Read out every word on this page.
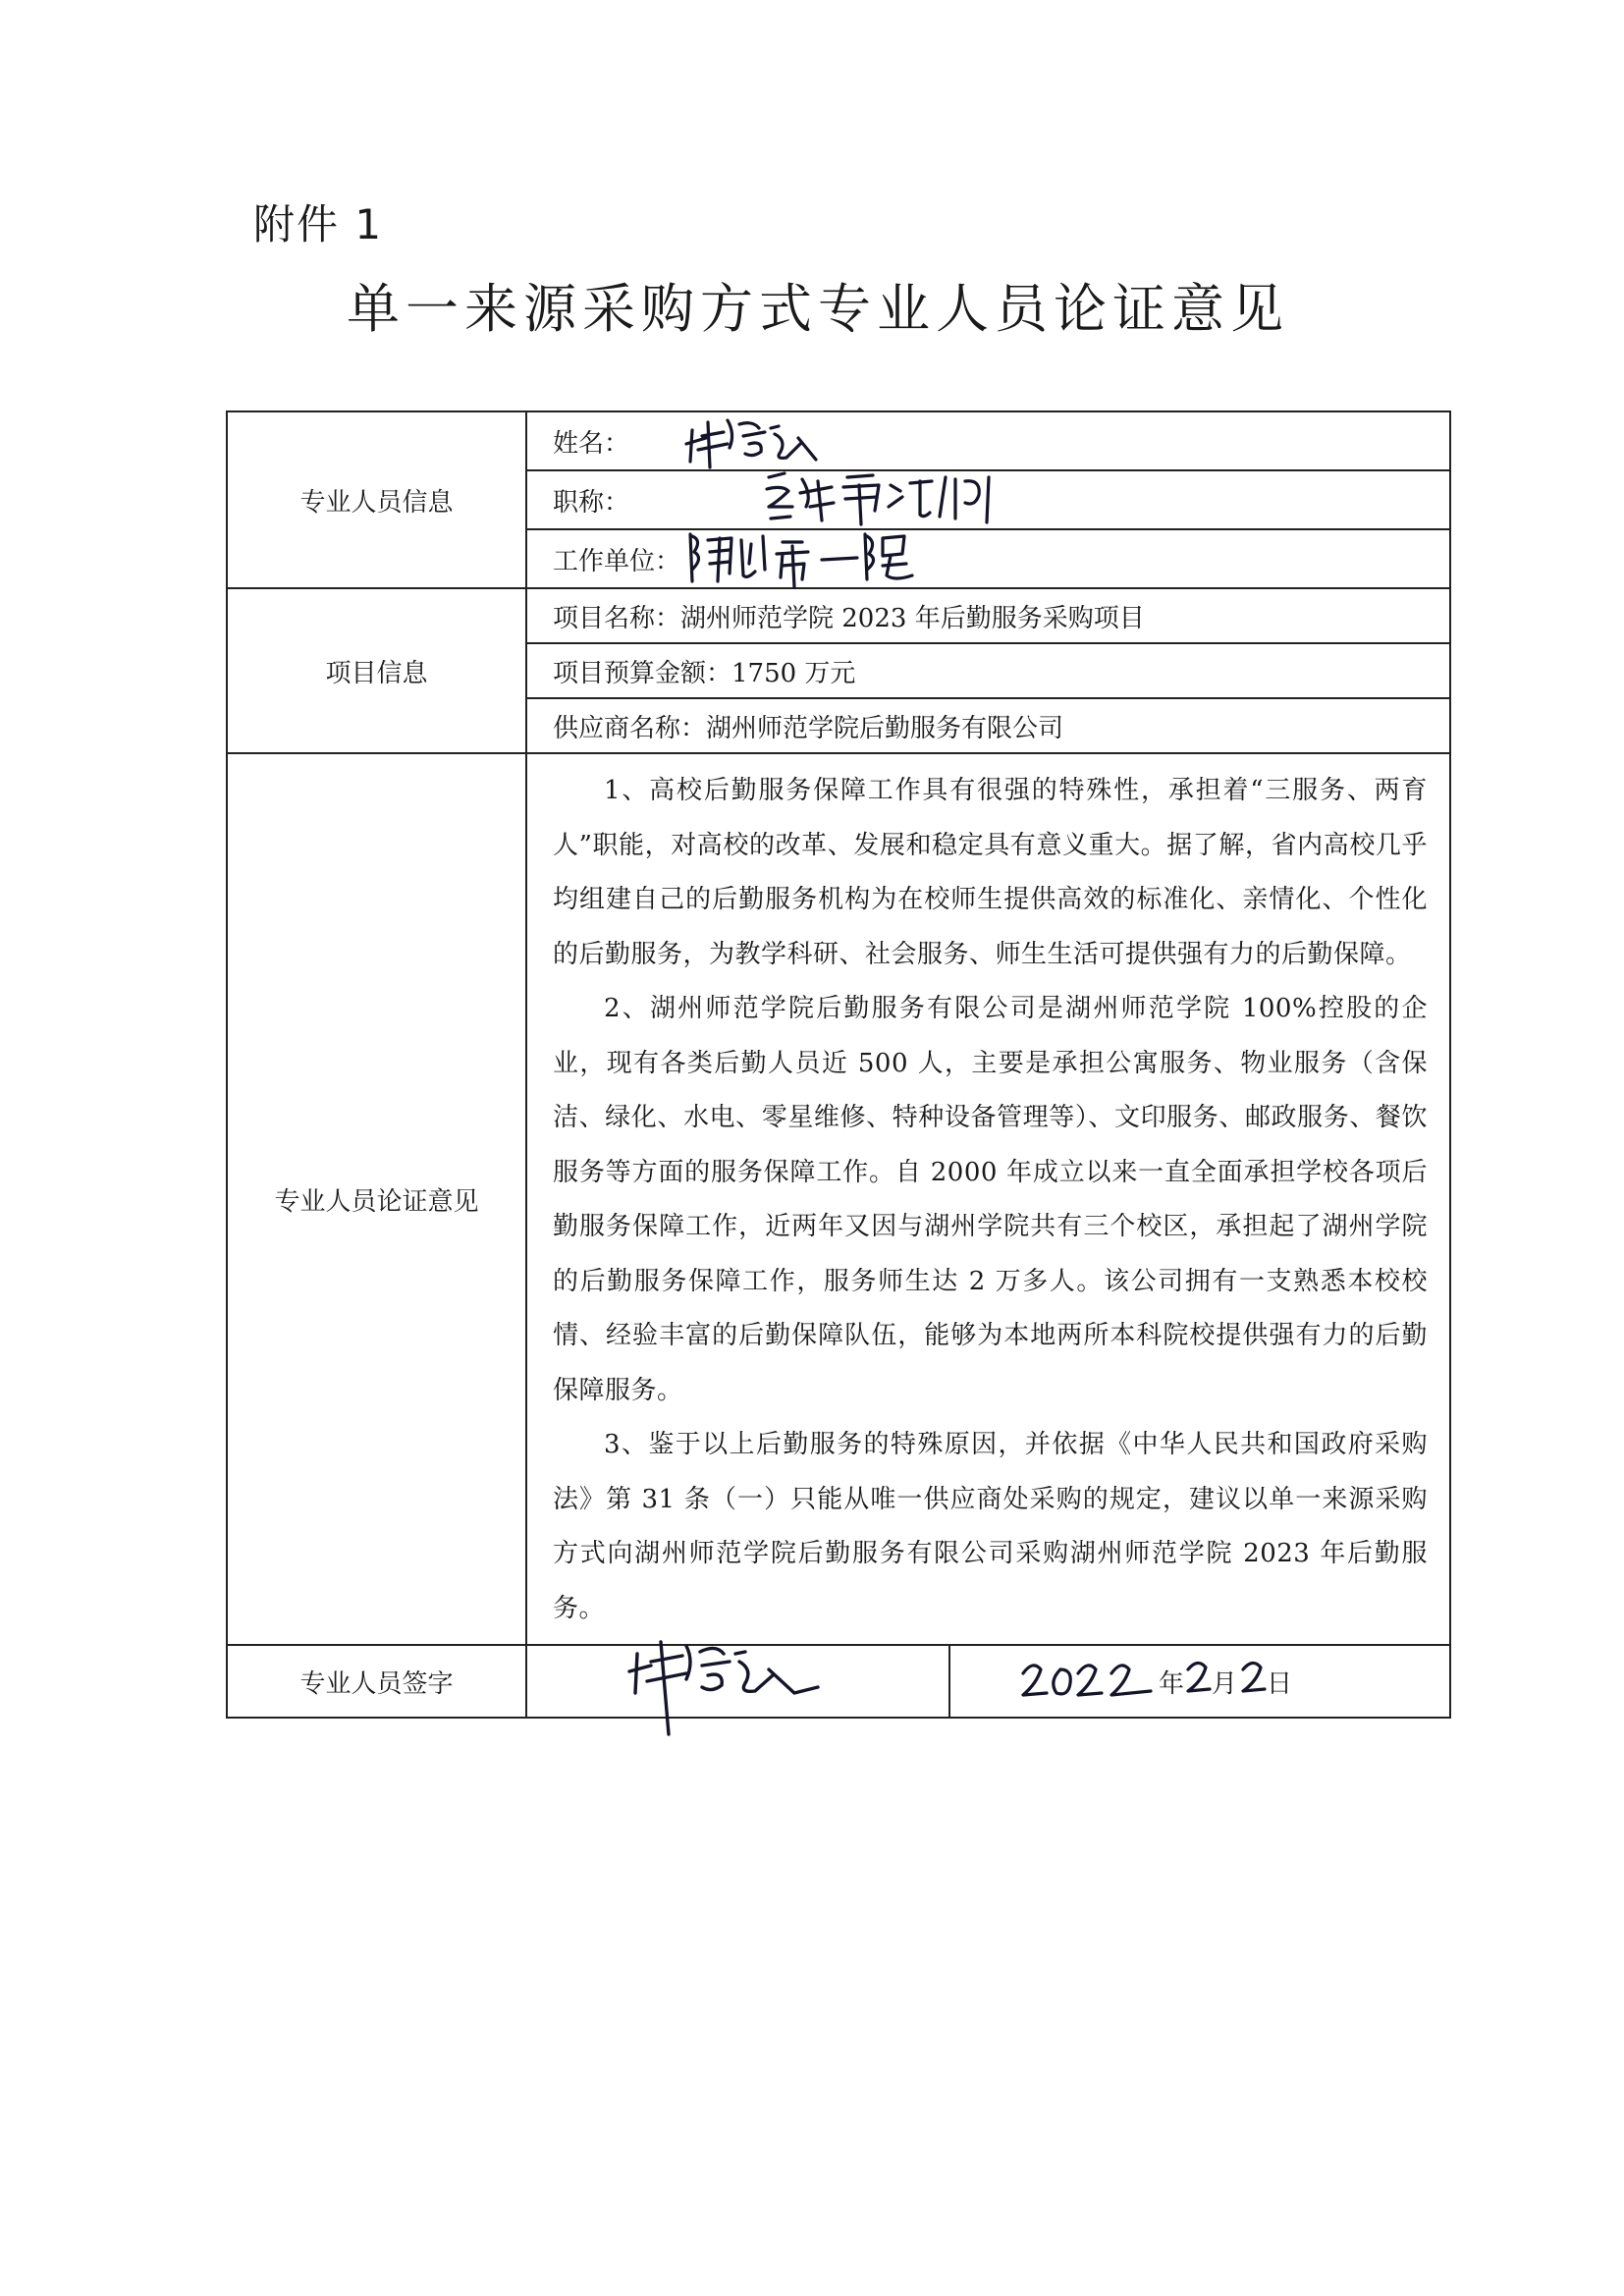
附件 1
单一来源采购方式专业人员论证意见
专业人员信息	姓名：	

	职称：	

	工作单位：	

项目信息	项目名称：湖州师范学院 2023 年后勤服务采购项目	
	项目预算金额：1750 万元	
	供应商名称：湖州师范学院后勤服务有限公司	
专业人员论证意见	1、高校后勤服务保障工作具有很强的特殊性，承担着“三服务、两育人”职能，对高校的改革、发展和稳定具有意义重大。据了解，省内高校几乎均组建自己的后勤服务机构为在校师生提供高效的标准化、亲情化、个性化的后勤服务，为教学科研、社会服务、师生生活可提供强有力的后勤保障。

2、湖州师范学院后勤服务有限公司是湖州师范学院 100%控股的企业，现有各类后勤人员近 500 人，主要是承担公寓服务、物业服务（含保洁、绿化、水电、零星维修、特种设备管理等）、文印服务、邮政服务、餐饮服务等方面的服务保障工作。自 2000 年成立以来一直全面承担学校各项后勤服务保障工作，近两年又因与湖州学院共有三个校区，承担起了湖州学院的后勤服务保障工作，服务师生达 2 万多人。该公司拥有一支熟悉本校校情、经验丰富的后勤保障队伍，能够为本地两所本科院校提供强有力的后勤保障服务。

3、鉴于以上后勤服务的特殊原因，并依据《中华人民共和国政府采购法》第 31 条（一）只能从唯一供应商处采购的规定，建议以单一来源采购方式向湖州师范学院后勤服务有限公司采购湖州师范学院 2023 年后勤服务。	

专业人员签字		年 月 日
